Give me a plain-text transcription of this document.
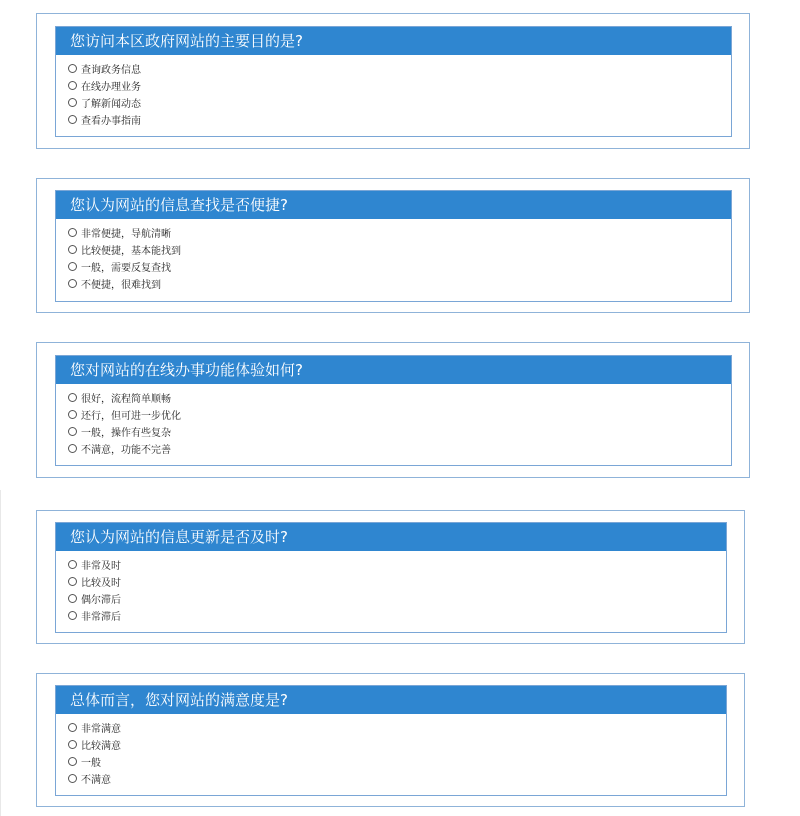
您访问本区政府网站的主要目的是?
查询政务信息
在线办理业务
了解新闻动态
查看办事指南
您认为网站的信息查找是否便捷?
非常便捷，导航清晰
比较便捷，基本能找到
一般，需要反复查找
不便捷，很难找到
您对网站的在线办事功能体验如何?
很好，流程简单顺畅
还行，但可进一步优化
一般，操作有些复杂
不满意，功能不完善
您认为网站的信息更新是否及时?
非常及时
比较及时
偶尔滞后
非常滞后
总体而言，您对网站的满意度是?
非常满意
比较满意
一般
不满意
